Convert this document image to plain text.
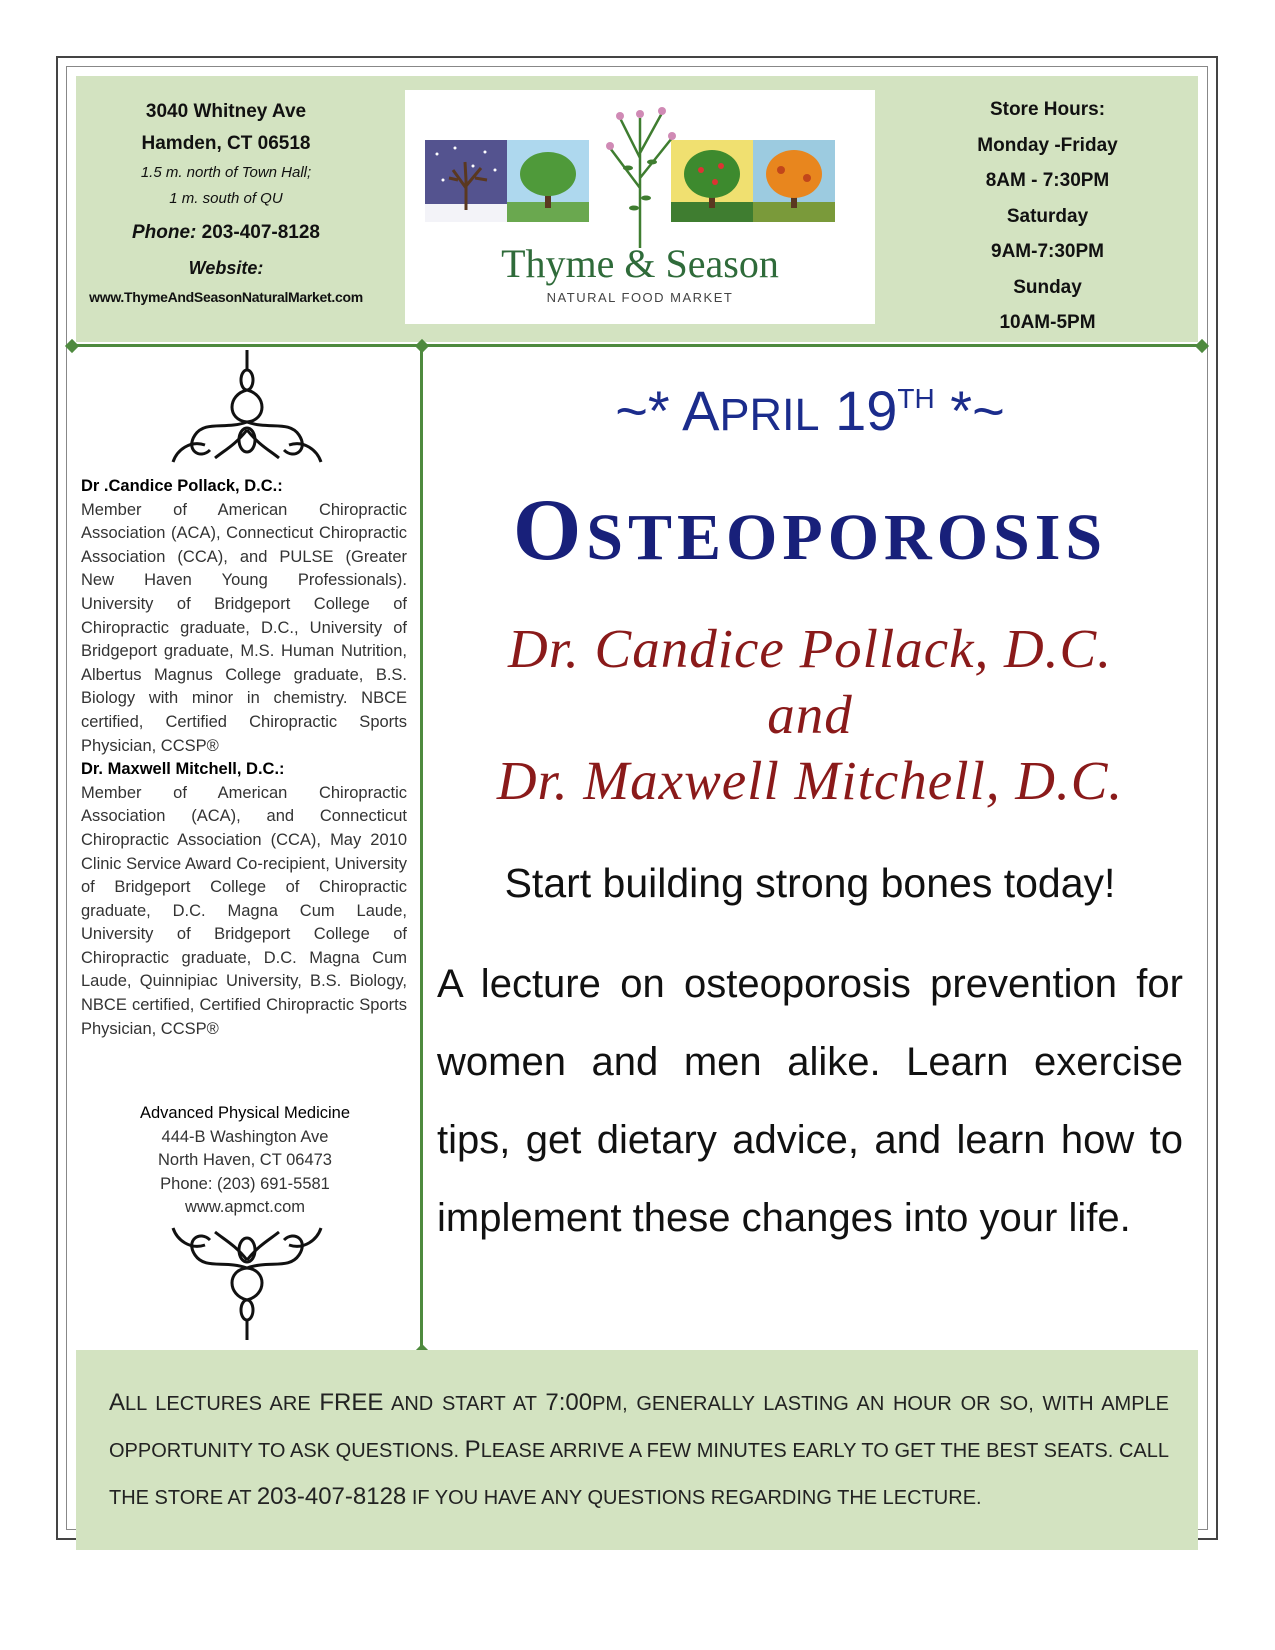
3040 Whitney Ave
Hamden, CT 06518
1.5 m. north of Town Hall;
1 m. south of QU
Phone: 203-407-8128
Website:
www.ThymeAndSeasonNaturalMarket.com
Thyme & Season
NATURAL FOOD MARKET
Store Hours:
Monday -Friday
8AM - 7:30PM
Saturday
9AM-7:30PM
Sunday
10AM-5PM
Dr .Candice Pollack, D.C.:
Member of American Chiropractic Association (ACA), Connecticut Chiropractic Association (CCA), and PULSE (Greater New Haven Young Professionals). University of Bridgeport College of Chiropractic graduate, D.C., University of Bridgeport graduate, M.S. Human Nutrition, Albertus Magnus College graduate, B.S. Biology with minor in chemistry. NBCE certified, Certified Chiropractic Sports Physician, CCSP®
Dr. Maxwell Mitchell, D.C.:
Member of American Chiropractic Association (ACA), and Connecticut Chiropractic Association (CCA), May 2010 Clinic Service Award Co-recipient, University of Bridgeport College of Chiropractic graduate, D.C. Magna Cum Laude, University of Bridgeport College of Chiropractic graduate, D.C. Magna Cum Laude, Quinnipiac University, B.S. Biology, NBCE certified, Certified Chiropractic Sports Physician, CCSP®
Advanced Physical Medicine
444-B Washington Ave
North Haven, CT 06473
Phone: (203) 691-5581
www.apmct.com
~* APRIL 19TH *~
OSTEOPOROSIS
Dr. Candice Pollack, D.C.
and
Dr. Maxwell Mitchell, D.C.
Start building strong bones today!
A lecture on osteoporosis prevention for women and men alike. Learn exercise tips, get dietary advice, and learn how to implement these changes into your life.

ALL LECTURES ARE FREE AND START AT 7:00PM, GENERALLY LASTING AN HOUR OR SO, WITH AMPLE OPPORTUNITY TO ASK QUESTIONS. PLEASE ARRIVE A FEW MINUTES EARLY TO GET THE BEST SEATS. CALL THE STORE AT 203-407-8128 IF YOU HAVE ANY QUESTIONS REGARDING THE LECTURE.
